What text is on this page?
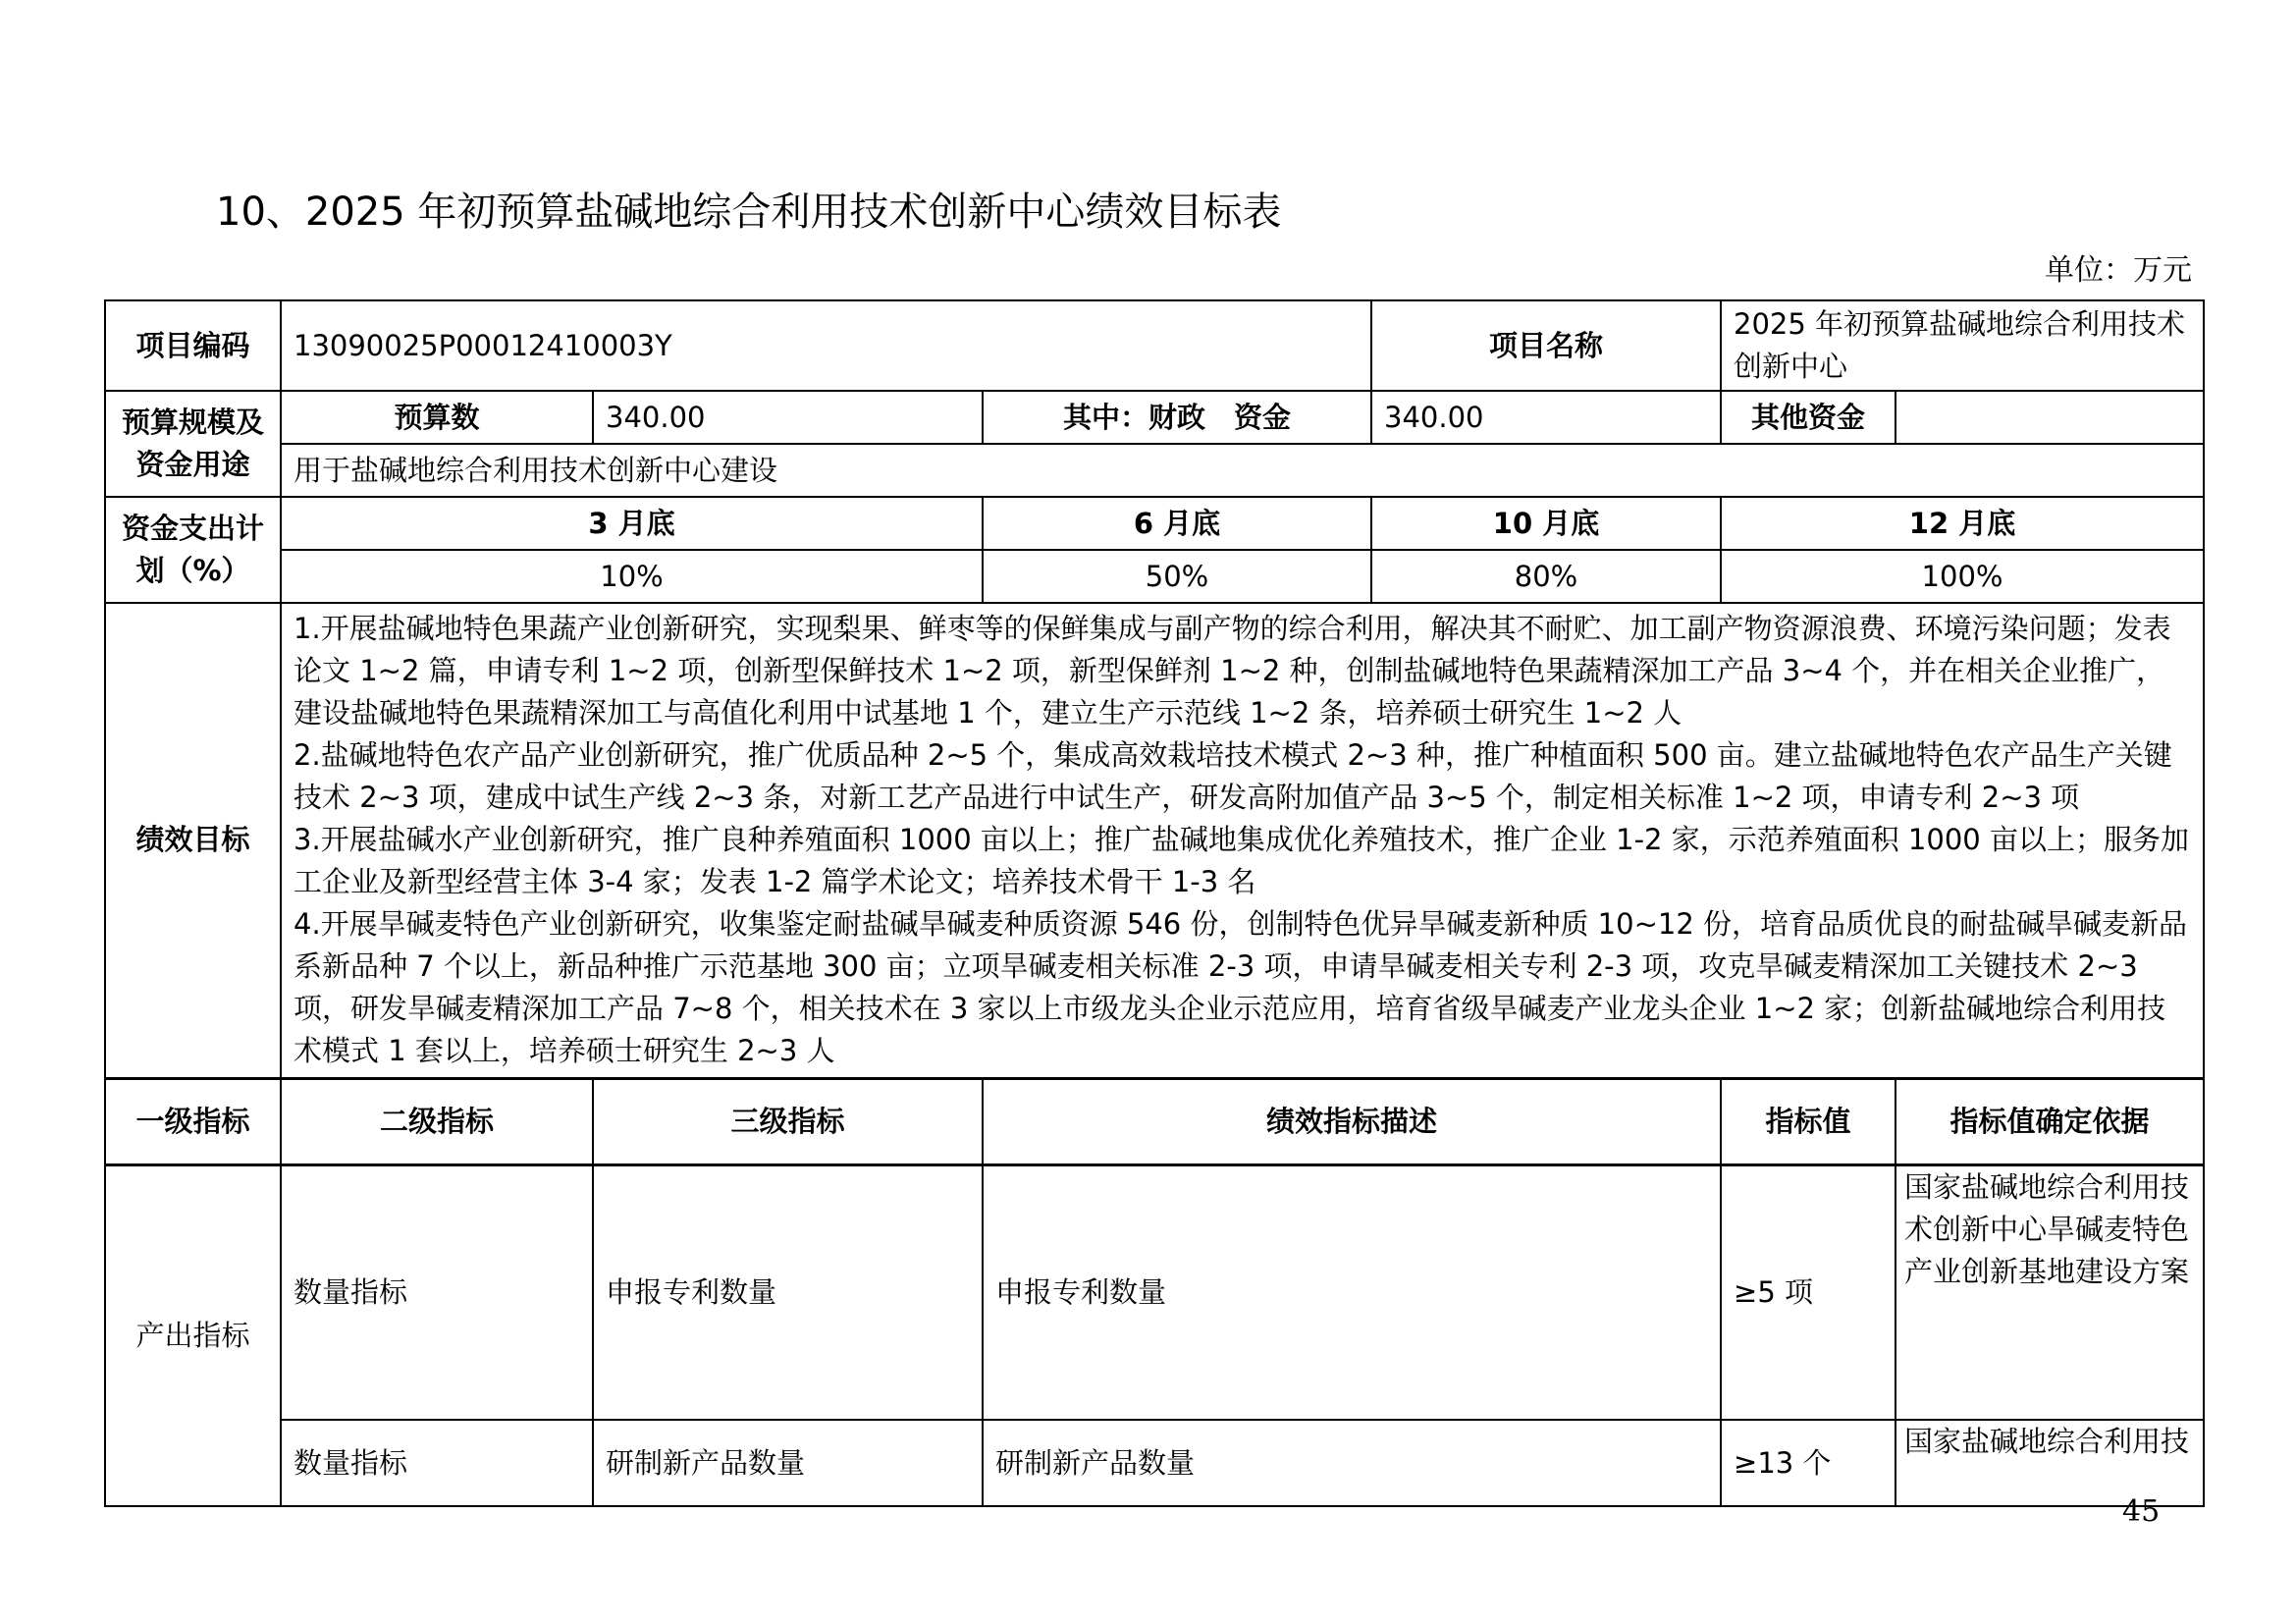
10、2025 年初预算盐碱地综合利用技术创新中心绩效目标表
单位：万元
项目编码	13090025P00012410003Y			项目名称	2025 年初预算盐碱地综合利用技术创新中心	
预算规模及资金用途	预算数	340.00	其中：财政　资金	340.00	其他资金	
	用于盐碱地综合利用技术创新中心建设					
资金支出计划（%）	3 月底		6 月底	10 月底	12 月底	
	10%		50%	80%	100%	
绩效目标	1.开展盐碱地特色果蔬产业创新研究，实现梨果、鲜枣等的保鲜集成与副产物的综合利用，解决其不耐贮、加工副产物资源浪费、环境污染问题；发表论文 1~2 篇，申请专利 1~2 项，创新型保鲜技术 1~2 项，新型保鲜剂 1~2 种，创制盐碱地特色果蔬精深加工产品 3~4 个，并在相关企业推广，建设盐碱地特色果蔬精深加工与高值化利用中试基地 1 个，建立生产示范线 1~2 条，培养硕士研究生 1~2 人
2.盐碱地特色农产品产业创新研究，推广优质品种 2~5 个，集成高效栽培技术模式 2~3 种，推广种植面积 500 亩。建立盐碱地特色农产品生产关键技术 2~3 项，建成中试生产线 2~3 条，对新工艺产品进行中试生产，研发高附加值产品 3~5 个，制定相关标准 1~2 项，申请专利 2~3 项
3.开展盐碱水产业创新研究，推广良种养殖面积 1000 亩以上；推广盐碱地集成优化养殖技术，推广企业 1-2 家，示范养殖面积 1000 亩以上；服务加工企业及新型经营主体 3-4 家；发表 1-2 篇学术论文；培养技术骨干 1-3 名
4.开展旱碱麦特色产业创新研究，收集鉴定耐盐碱旱碱麦种质资源 546 份，创制特色优异旱碱麦新种质 10~12 份，培育品质优良的耐盐碱旱碱麦新品系新品种 7 个以上，新品种推广示范基地 300 亩；立项旱碱麦相关标准 2-3 项，申请旱碱麦相关专利 2-3 项，攻克旱碱麦精深加工关键技术 2~3 项，研发旱碱麦精深加工产品 7~8 个，相关技术在 3 家以上市级龙头企业示范应用，培育省级旱碱麦产业龙头企业 1~2 家；创新盐碱地综合利用技术模式 1 套以上，培养硕士研究生 2~3 人					

一级指标	二级指标	三级指标	绩效指标描述		指标值	指标值确定依据
产出指标	数量指标	申报专利数量	申报专利数量		≥5 项	国家盐碱地综合利用技术创新中心旱碱麦特色产业创新基地建设方案
	数量指标	研制新产品数量	研制新产品数量		≥13 个	国家盐碱地综合利用技
45
